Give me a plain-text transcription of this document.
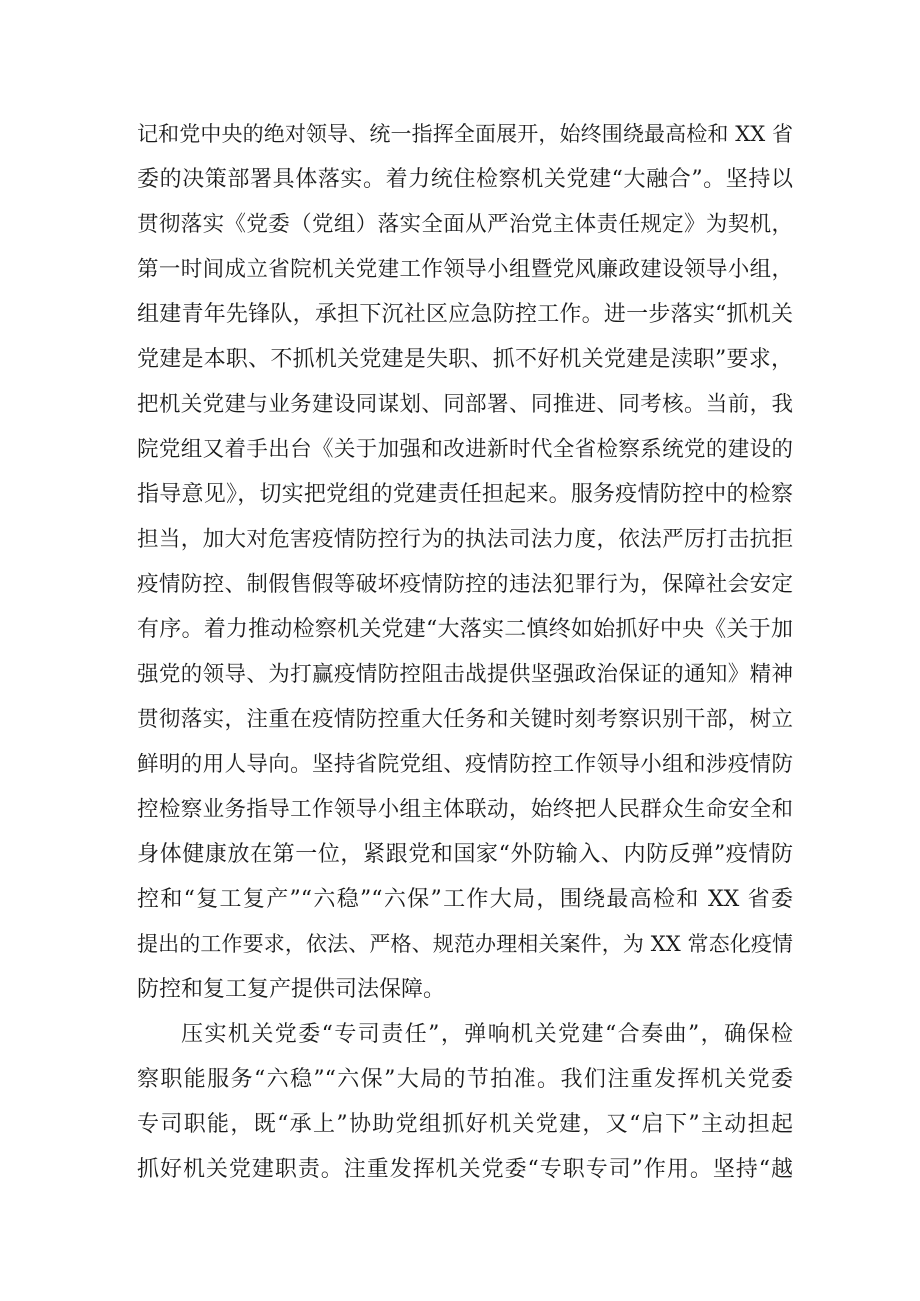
记和党中央的绝对领导、统一指挥全面展开，始终围绕最高检和 XX 省
委的决策部署具体落实。着力统住检察机关党建“大融合”。坚持以
贯彻落实《党委（党组）落实全面从严治党主体责任规定》为契机，
第一时间成立省院机关党建工作领导小组暨党风廉政建设领导小组，
组建青年先锋队，承担下沉社区应急防控工作。进一步落实“抓机关
党建是本职、不抓机关党建是失职、抓不好机关党建是渎职”要求，
把机关党建与业务建设同谋划、同部署、同推进、同考核。当前，我
院党组又着手出台《关于加强和改进新时代全省检察系统党的建设的
指导意见》，切实把党组的党建责任担起来。服务疫情防控中的检察
担当，加大对危害疫情防控行为的执法司法力度，依法严厉打击抗拒
疫情防控、制假售假等破坏疫情防控的违法犯罪行为，保障社会安定
有序。着力推动检察机关党建“大落实二慎终如始抓好中央《关于加
强党的领导、为打赢疫情防控阻击战提供坚强政治保证的通知》精神
贯彻落实，注重在疫情防控重大任务和关键时刻考察识别干部，树立
鲜明的用人导向。坚持省院党组、疫情防控工作领导小组和涉疫情防
控检察业务指导工作领导小组主体联动，始终把人民群众生命安全和
身体健康放在第一位，紧跟党和国家“外防输入、内防反弹”疫情防
控和“复工复产”“六稳”“六保”工作大局，围绕最高检和 XX 省委
提出的工作要求，依法、严格、规范办理相关案件，为 XX 常态化疫情
防控和复工复产提供司法保障。

压实机关党委“专司责任”，弹响机关党建“合奏曲”，确保检
察职能服务“六稳”“六保”大局的节拍准。我们注重发挥机关党委
专司职能，既“承上”协助党组抓好机关党建，又“启下”主动担起
抓好机关党建职责。注重发挥机关党委“专职专司”作用。坚持“越
